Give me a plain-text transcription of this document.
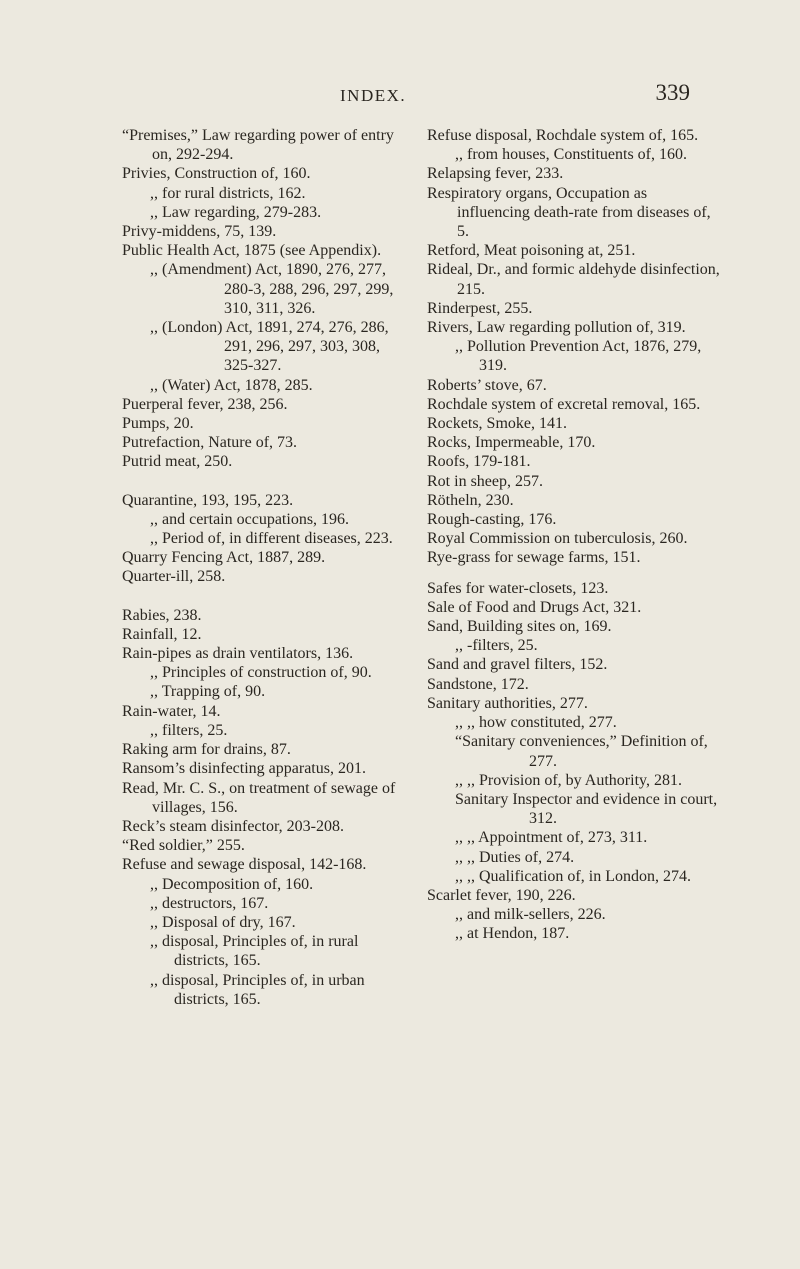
INDEX.	339

“Premises,” Law regarding power of entry on, 292-294.

Privies, Construction of, 160.

,, for rural districts, 162.

,, Law regarding, 279-283.

Privy-middens, 75, 139.

Public Health Act, 1875 (see Appendix).

,, (Amendment) Act, 1890, 276, 277, 280-3, 288, 296, 297, 299, 310, 311, 326.

,, (London) Act, 1891, 274, 276, 286, 291, 296, 297, 303, 308, 325-327.

,, (Water) Act, 1878, 285.

Puerperal fever, 238, 256.

Pumps, 20.

Putrefaction, Nature of, 73.

Putrid meat, 250.

Quarantine, 193, 195, 223.

,, and certain occupations, 196.

,, Period of, in different diseases, 223.

Quarry Fencing Act, 1887, 289.

Quarter-ill, 258.

Rabies, 238.

Rainfall, 12.

Rain-pipes as drain ventilators, 136.

,, Principles of construction of, 90.

,, Trapping of, 90.

Rain-water, 14.

,, filters, 25.

Raking arm for drains, 87.

Ransom’s disinfecting apparatus, 201.

Read, Mr. C. S., on treatment of sewage of villages, 156.

Reck’s steam disinfector, 203-208.

“Red soldier,” 255.

Refuse and sewage disposal, 142-168.

,, Decomposition of, 160.

,, destructors, 167.

,, Disposal of dry, 167.

,, disposal, Principles of, in rural districts, 165.

,, disposal, Principles of, in urban districts, 165.

Refuse disposal, Rochdale system of, 165.

,, from houses, Constituents of, 160.

Relapsing fever, 233.

Respiratory organs, Occupation as influencing death-rate from diseases of, 5.

Retford, Meat poisoning at, 251.

Rideal, Dr., and formic aldehyde disinfection, 215.

Rinderpest, 255.

Rivers, Law regarding pollution of, 319.

,, Pollution Prevention Act, 1876, 279, 319.

Roberts’ stove, 67.

Rochdale system of excretal removal, 165.

Rockets, Smoke, 141.

Rocks, Impermeable, 170.

Roofs, 179-181.

Rot in sheep, 257.

Rötheln, 230.

Rough-casting, 176.

Royal Commission on tuberculosis, 260.

Rye-grass for sewage farms, 151.

Safes for water-closets, 123.

Sale of Food and Drugs Act, 321.

Sand, Building sites on, 169.

,, -filters, 25.

Sand and gravel filters, 152.

Sandstone, 172.

Sanitary authorities, 277.

,, ,, how constituted, 277.

“Sanitary conveniences,” Definition of, 277.

,, ,, Provision of, by Authority, 281.

Sanitary Inspector and evidence in court, 312.

,, ,, Appointment of, 273, 311.

,, ,, Duties of, 274.

,, ,, Qualification of, in London, 274.

Scarlet fever, 190, 226.

,, and milk-sellers, 226.

,, at Hendon, 187.
